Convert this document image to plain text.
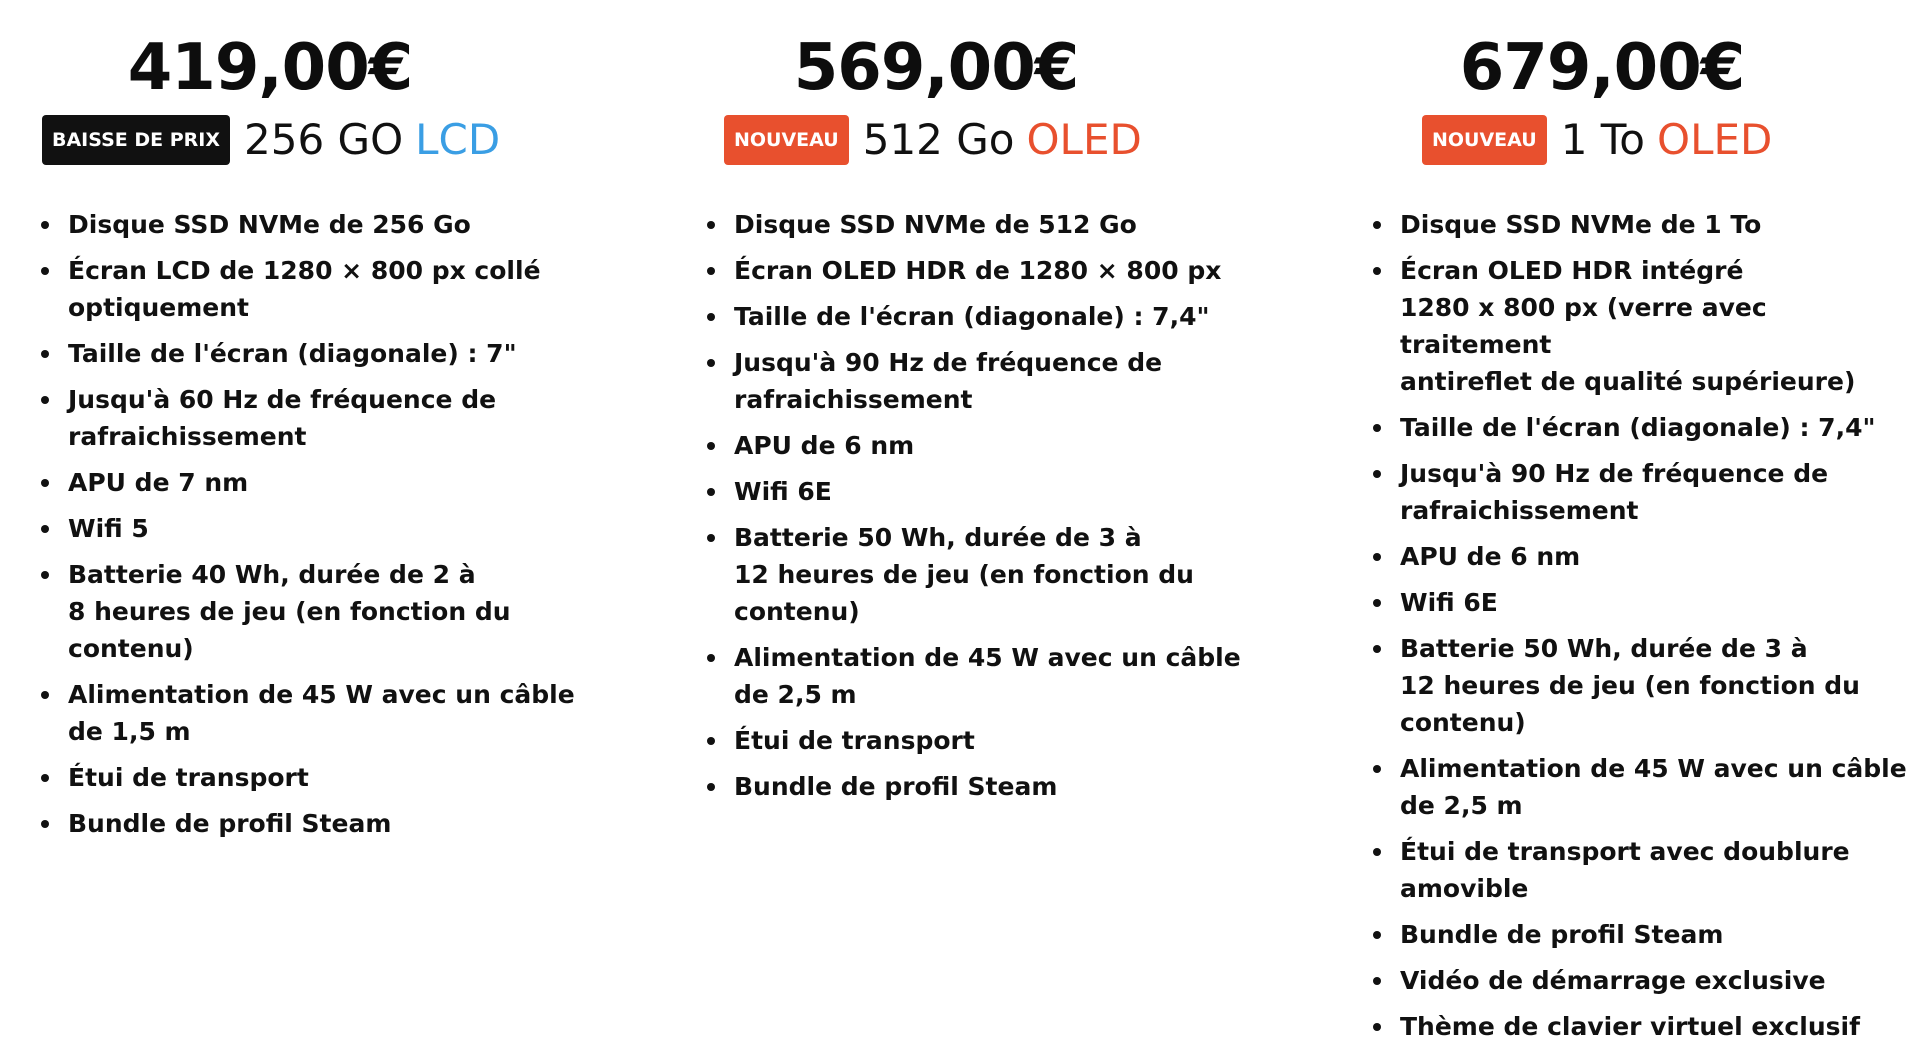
419,00€
BAISSE DE PRIX 256 GO LCD
Disque SSD NVMe de 256 Go
Écran LCD de 1280 × 800 px collé
optiquement
Taille de l'écran (diagonale) : 7"
Jusqu'à 60 Hz de fréquence de
rafraichissement
APU de 7 nm
Wifi 5
Batterie 40 Wh, durée de 2 à
8 heures de jeu (en fonction du
contenu)
Alimentation de 45 W avec un câble
de 1,5 m
Étui de transport
Bundle de profil Steam
569,00€
NOUVEAU 512 Go OLED
Disque SSD NVMe de 512 Go
Écran OLED HDR de 1280 × 800 px
Taille de l'écran (diagonale) : 7,4"
Jusqu'à 90 Hz de fréquence de
rafraichissement
APU de 6 nm
Wifi 6E
Batterie 50 Wh, durée de 3 à
12 heures de jeu (en fonction du
contenu)
Alimentation de 45 W avec un câble
de 2,5 m
Étui de transport
Bundle de profil Steam
679,00€
NOUVEAU 1 To OLED
Disque SSD NVMe de 1 To
Écran OLED HDR intégré
1280 x 800 px (verre avec traitement
antireflet de qualité supérieure)
Taille de l'écran (diagonale) : 7,4"
Jusqu'à 90 Hz de fréquence de
rafraichissement
APU de 6 nm
Wifi 6E
Batterie 50 Wh, durée de 3 à
12 heures de jeu (en fonction du
contenu)
Alimentation de 45 W avec un câble
de 2,5 m
Étui de transport avec doublure
amovible
Bundle de profil Steam
Vidéo de démarrage exclusive
Thème de clavier virtuel exclusif
